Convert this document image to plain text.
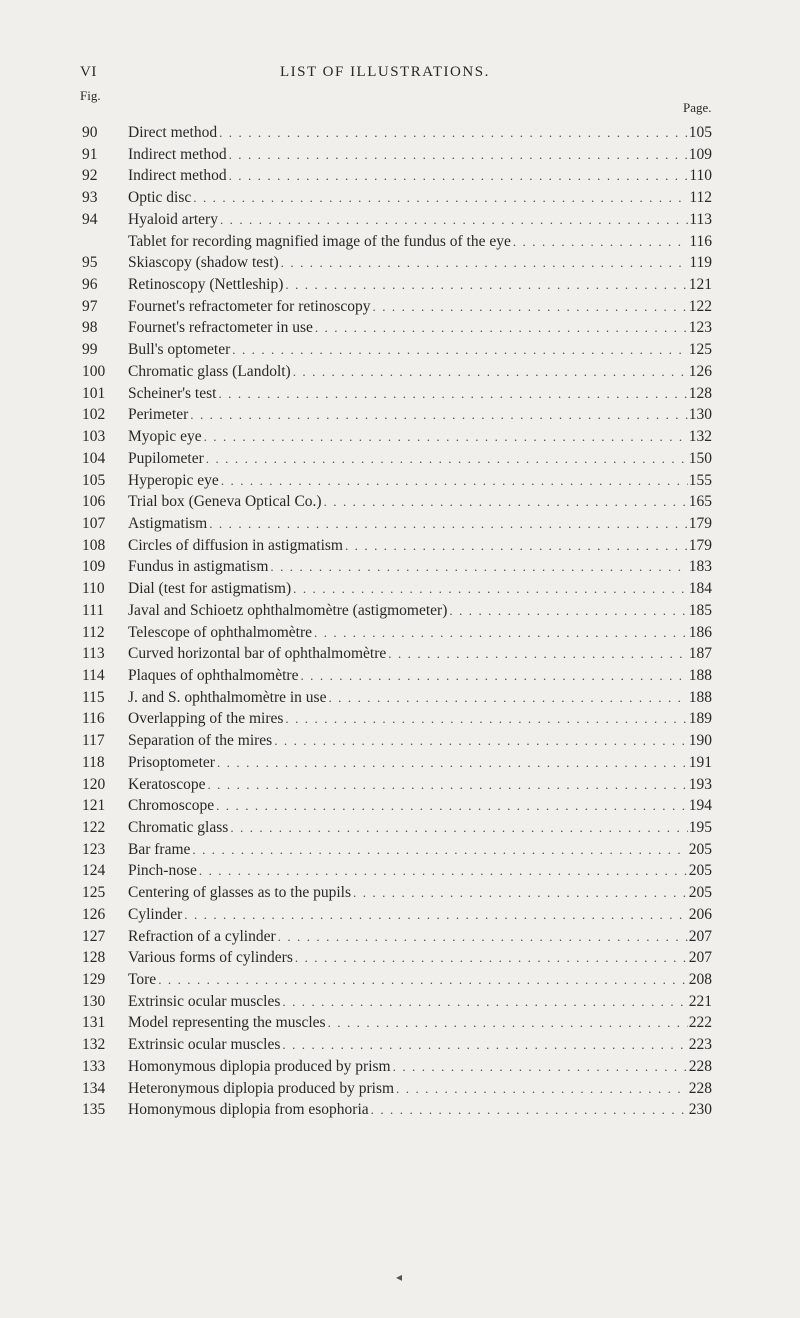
VI	LIST OF ILLUSTRATIONS.
Fig.
Page.
90	Direct method . . .	105
91	Indirect method . . .	109
92	Indirect method . . .	110
93	Optic disc . . .	112
94	Hyaloid artery . . .	113
Tablet for recording magnified image of the fundus of the eye . . .	116
95	Skiascopy (shadow test) . . .	119
96	Retinoscopy (Nettleship) . . .	121
97	Fournet's refractometer for retinoscopy . . .	122
98	Fournet's refractometer in use . . .	123
99	Bull's optometer . . .	125
100	Chromatic glass (Landolt) . . .	126
101	Scheiner's test . . .	128
102	Perimeter . . .	130
103	Myopic eye . . .	132
104	Pupilometer . . .	150
105	Hyperopic eye . . .	155
106	Trial box (Geneva Optical Co.) . . .	165
107	Astigmatism . . .	179
108	Circles of diffusion in astigmatism . . .	179
109	Fundus in astigmatism . . .	183
110	Dial (test for astigmatism) . . .	184
111	Javal and Schioetz ophthalmomètre (astigmometer) . . .	185
112	Telescope of ophthalmomètre . . .	186
113	Curved horizontal bar of ophthalmomètre . . .	187
114	Plaques of ophthalmomètre . . .	188
115	J. and S. ophthalmomètre in use . . .	188
116	Overlapping of the mires . . .	189
117	Separation of the mires . . .	190
118	Prisoptometer . . .	191
120	Keratoscope . . .	193
121	Chromoscope . . .	194
122	Chromatic glass . . .	195
123	Bar frame . . .	205
124	Pinch-nose . . .	205
125	Centering of glasses as to the pupils . . .	205
126	Cylinder . . .	206
127	Refraction of a cylinder . . .	207
128	Various forms of cylinders . . .	207
129	Tore . . .	208
130	Extrinsic ocular muscles . . .	221
131	Model representing the muscles . . .	222
132	Extrinsic ocular muscles . . .	223
133	Homonymous diplopia produced by prism . . .	228
134	Heteronymous diplopia produced by prism . . .	228
135	Homonymous diplopia from esophoria . . .	230
◂
